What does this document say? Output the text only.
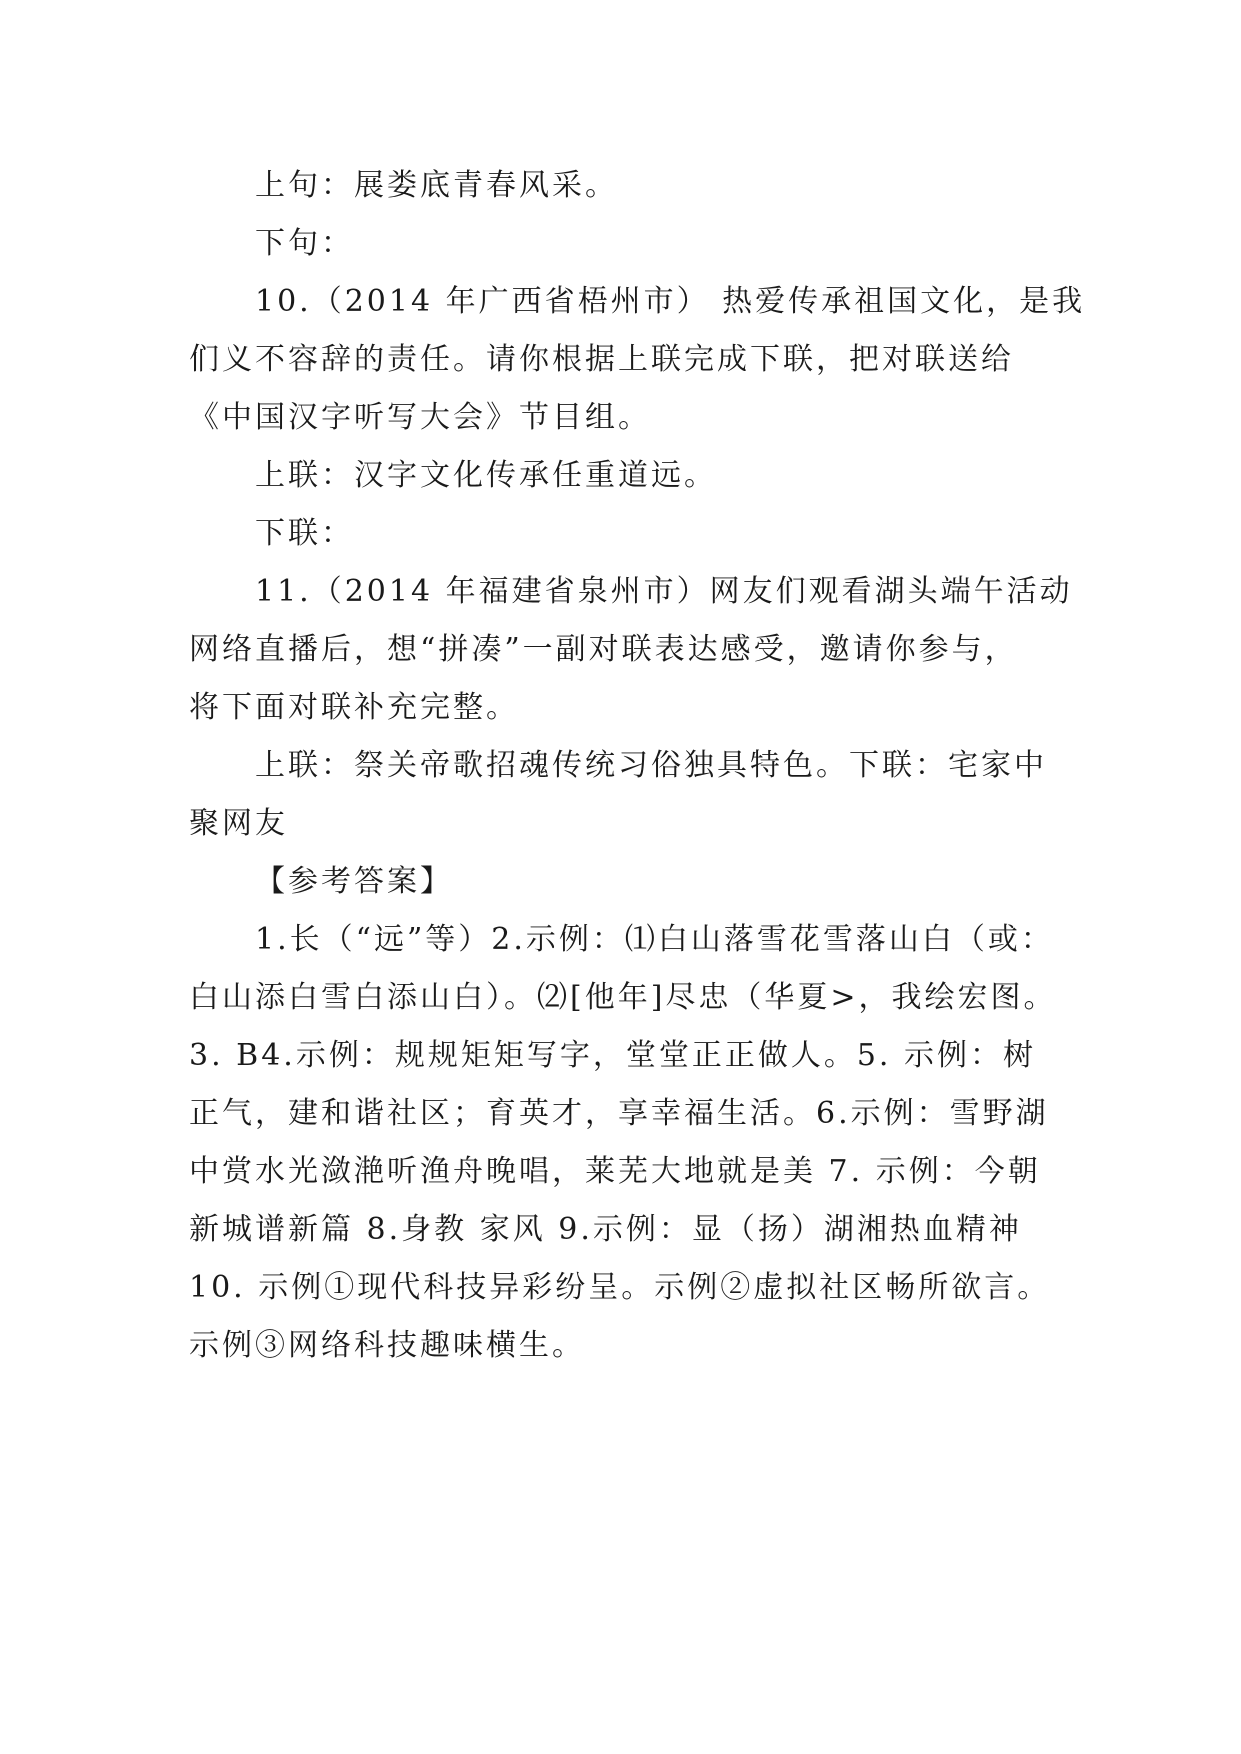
上句：展娄底青春风采。

下句：

10.（2014 年广西省梧州市） 热爱传承祖国文化，是我

们义不容辞的责任。请你根据上联完成下联，把对联送给

《中国汉字听写大会》节目组。

上联：汉字文化传承任重道远。

下联：

11.（2014 年福建省泉州市）网友们观看湖头端午活动

网络直播后，想“拼凑”一副对联表达感受，邀请你参与，

将下面对联补充完整。

上联：祭关帝歌招魂传统习俗独具特色。下联：宅家中

聚网友

【参考答案】

1.长（“远”等）2.示例：⑴白山落雪花雪落山白（或：

白山添白雪白添山白）。⑵[他年]尽忠（华夏>，我绘宏图。

3. B4.示例：规规矩矩写字，堂堂正正做人。5. 示例：树

正气，建和谐社区；育英才，享幸福生活。6.示例：雪野湖

中赏水光潋滟听渔舟晚唱，莱芜大地就是美 7. 示例：今朝

新城谱新篇 8.身教 家风 9.示例：显（扬）湖湘热血精神

10. 示例①现代科技异彩纷呈。示例②虚拟社区畅所欲言。

示例③网络科技趣味横生。
